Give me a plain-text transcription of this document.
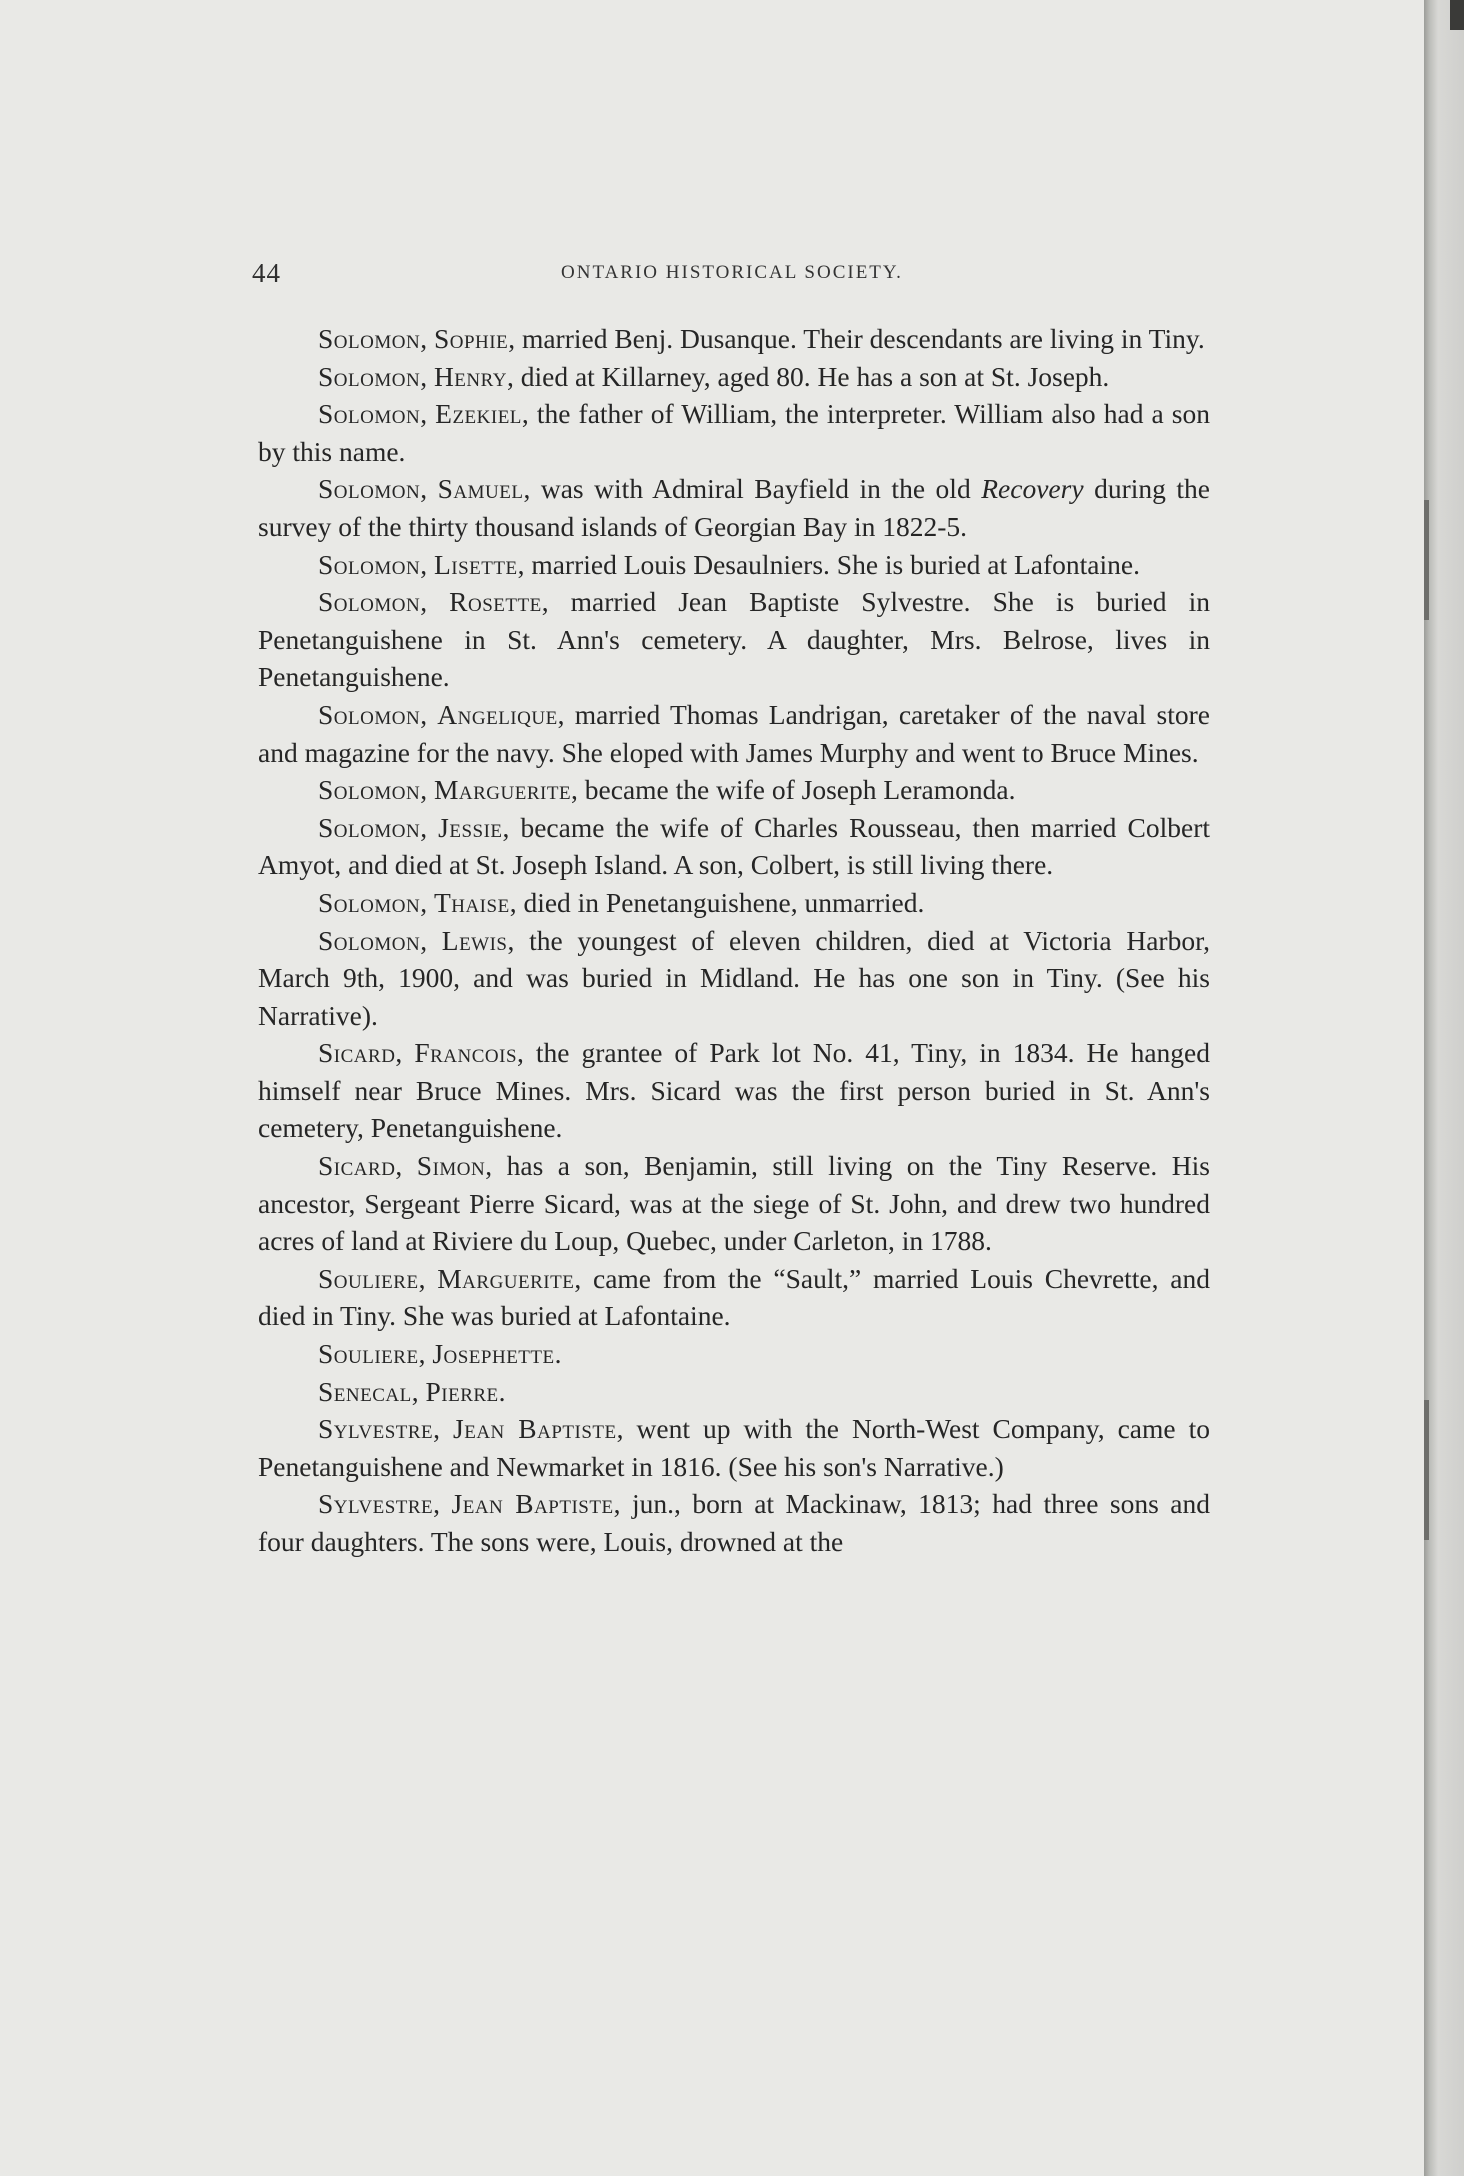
44	ONTARIO HISTORICAL SOCIETY.

Solomon, Sophie, married Benj. Dusanque. Their descendants are living in Tiny.

Solomon, Henry, died at Killarney, aged 80. He has a son at St. Joseph.

Solomon, Ezekiel, the father of William, the interpreter. William also had a son by this name.

Solomon, Samuel, was with Admiral Bayfield in the old Recovery during the survey of the thirty thousand islands of Georgian Bay in 1822-5.

Solomon, Lisette, married Louis Desaulniers. She is buried at Lafontaine.

Solomon, Rosette, married Jean Baptiste Sylvestre. She is buried in Penetanguishene in St. Ann's cemetery. A daughter, Mrs. Belrose, lives in Penetanguishene.

Solomon, Angelique, married Thomas Landrigan, caretaker of the naval store and magazine for the navy. She eloped with James Murphy and went to Bruce Mines.

Solomon, Marguerite, became the wife of Joseph Leramonda.

Solomon, Jessie, became the wife of Charles Rousseau, then married Colbert Amyot, and died at St. Joseph Island. A son, Colbert, is still living there.

Solomon, Thaise, died in Penetanguishene, unmarried.

Solomon, Lewis, the youngest of eleven children, died at Victoria Harbor, March 9th, 1900, and was buried in Midland. He has one son in Tiny. (See his Narrative).

Sicard, Francois, the grantee of Park lot No. 41, Tiny, in 1834. He hanged himself near Bruce Mines. Mrs. Sicard was the first person buried in St. Ann's cemetery, Penetanguishene.

Sicard, Simon, has a son, Benjamin, still living on the Tiny Reserve. His ancestor, Sergeant Pierre Sicard, was at the siege of St. John, and drew two hundred acres of land at Riviere du Loup, Quebec, under Carleton, in 1788.

Souliere, Marguerite, came from the “Sault,” married Louis Chevrette, and died in Tiny. She was buried at Lafontaine.

Souliere, Josephette.

Senecal, Pierre.

Sylvestre, Jean Baptiste, went up with the North-West Company, came to Penetanguishene and Newmarket in 1816. (See his son's Narrative.)

Sylvestre, Jean Baptiste, jun., born at Mackinaw, 1813; had three sons and four daughters. The sons were, Louis, drowned at the
